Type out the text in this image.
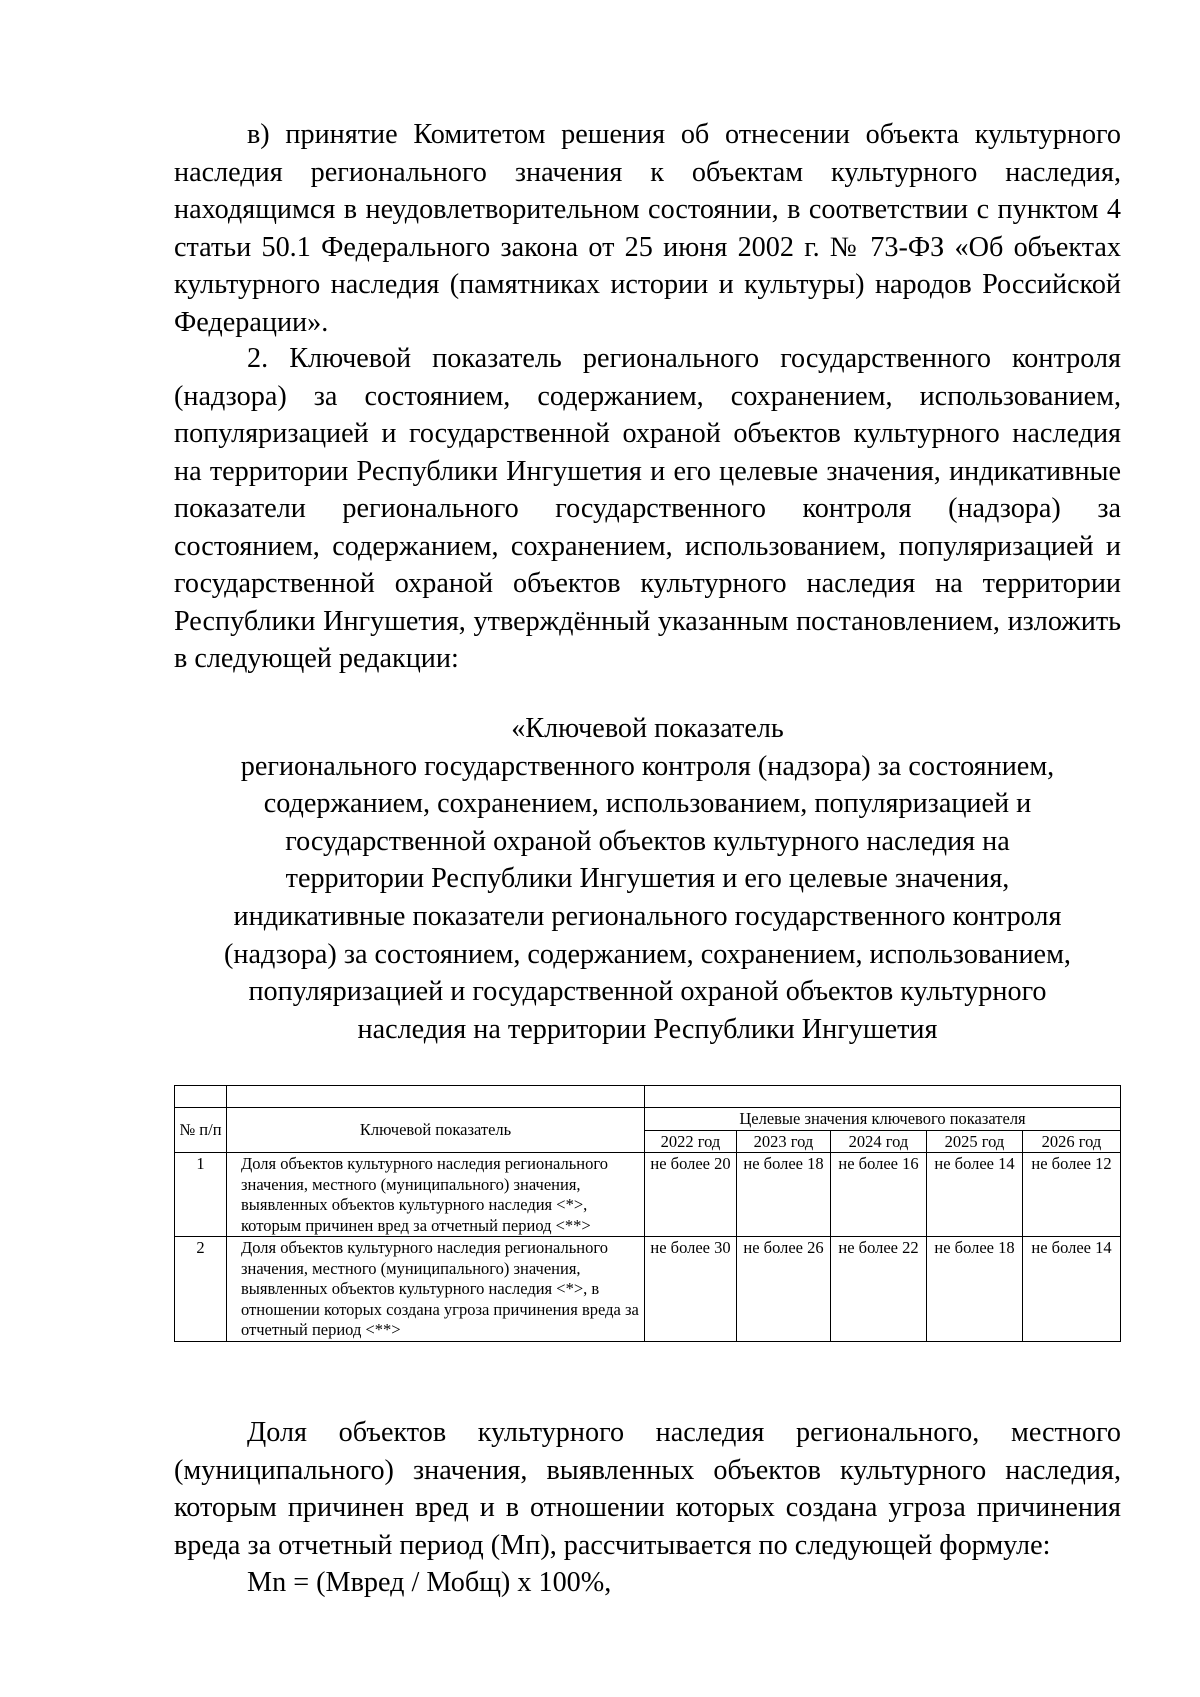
в) принятие Комитетом решения об отнесении объекта культурного наследия регионального значения к объектам культурного наследия, находящимся в неудовлетворительном состоянии, в соответствии с пунктом 4 статьи 50.1 Федерального закона от 25 июня 2002 г. № 73-ФЗ «Об объектах культурного наследия (памятниках истории и культуры) народов Российской Федерации».

2. Ключевой показатель регионального государственного контроля (надзора) за состоянием, содержанием, сохранением, использованием, популяризацией и государственной охраной объектов культурного наследия на территории Республики Ингушетия и его целевые значения, индикативные показатели регионального государственного контроля (надзора) за состоянием, содержанием, сохранением, использованием, популяризацией и государственной охраной объектов культурного наследия на территории Республики Ингушетия, утверждённый указанным постановлением, изложить в следующей редакции:

«Ключевой показатель
регионального государственного контроля (надзора) за состоянием,
содержанием, сохранением, использованием, популяризацией и
государственной охраной объектов культурного наследия на
территории Республики Ингушетия и его целевые значения,
индикативные показатели регионального государственного контроля
(надзора) за состоянием, содержанием, сохранением, использованием,
популяризацией и государственной охраной объектов культурного
наследия на территории Республики Ингушетия

№ п/п	Ключевой показатель	Целевые значения ключевого показателя				
		2022 год	2023 год	2024 год	2025 год	2026 год
1	Доля объектов культурного наследия регионального значения, местного (муниципального) значения, выявленных объектов культурного наследия <*>, которым причинен вред за отчетный период <**>	не более 20	не более 18	не более 16	не более 14	не более 12
2	Доля объектов культурного наследия регионального значения, местного (муниципального) значения, выявленных объектов культурного наследия <*>, в отношении которых создана угроза причинения вреда за отчетный период <**>	не более 30	не более 26	не более 22	не более 18	не более 14

Доля объектов культурного наследия регионального, местного (муниципального) значения, выявленных объектов культурного наследия, которым причинен вред и в отношении которых создана угроза причинения вреда за отчетный период (Мп), рассчитывается по следующей формуле:

Мn = (Мвред / Мобщ) x 100%,
